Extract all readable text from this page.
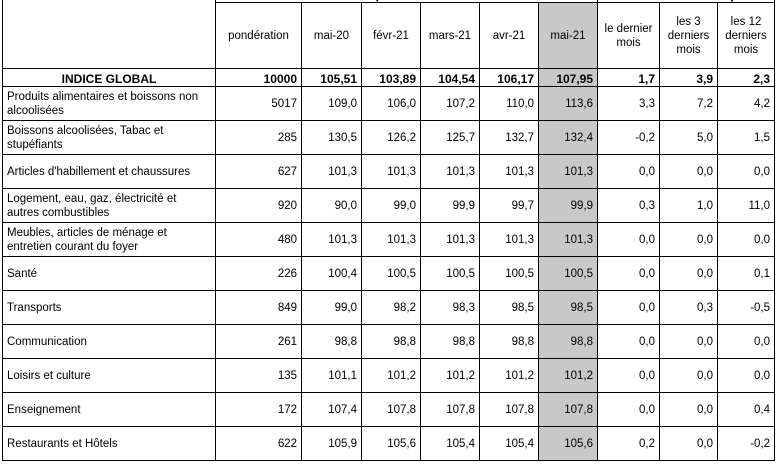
	pondération	mai-20	févr-21	mars-21	avr-21	mai-21	le dernier mois	les 3 derniers mois	les 12 derniers mois
INDICE GLOBAL	10000	105,51	103,89	104,54	106,17	107,95	1,7	3,9	2,3
Produits alimentaires et boissons non alcoolisées	5017	109,0	106,0	107,2	110,0	113,6	3,3	7,2	4,2
Boissons alcoolisées, Tabac et stupéfiants	285	130,5	126,2	125,7	132,7	132,4	-0,2	5,0	1,5
Articles d'habillement et chaussures	627	101,3	101,3	101,3	101,3	101,3	0,0	0,0	0,0
Logement, eau, gaz, électricité et autres combustibles	920	90,0	99,0	99,9	99,7	99,9	0,3	1,0	11,0
Meubles, articles de ménage et entretien courant du foyer	480	101,3	101,3	101,3	101,3	101,3	0,0	0,0	0,0
Santé	226	100,4	100,5	100,5	100,5	100,5	0,0	0,0	0,1
Transports	849	99,0	98,2	98,3	98,5	98,5	0,0	0,3	-0,5
Communication	261	98,8	98,8	98,8	98,8	98,8	0,0	0,0	0,0
Loisirs et culture	135	101,1	101,2	101,2	101,2	101,2	0,0	0,0	0,0
Enseignement	172	107,4	107,8	107,8	107,8	107,8	0,0	0,0	0,4
Restaurants et Hôtels	622	105,9	105,6	105,4	105,4	105,6	0,2	0,0	-0,2
